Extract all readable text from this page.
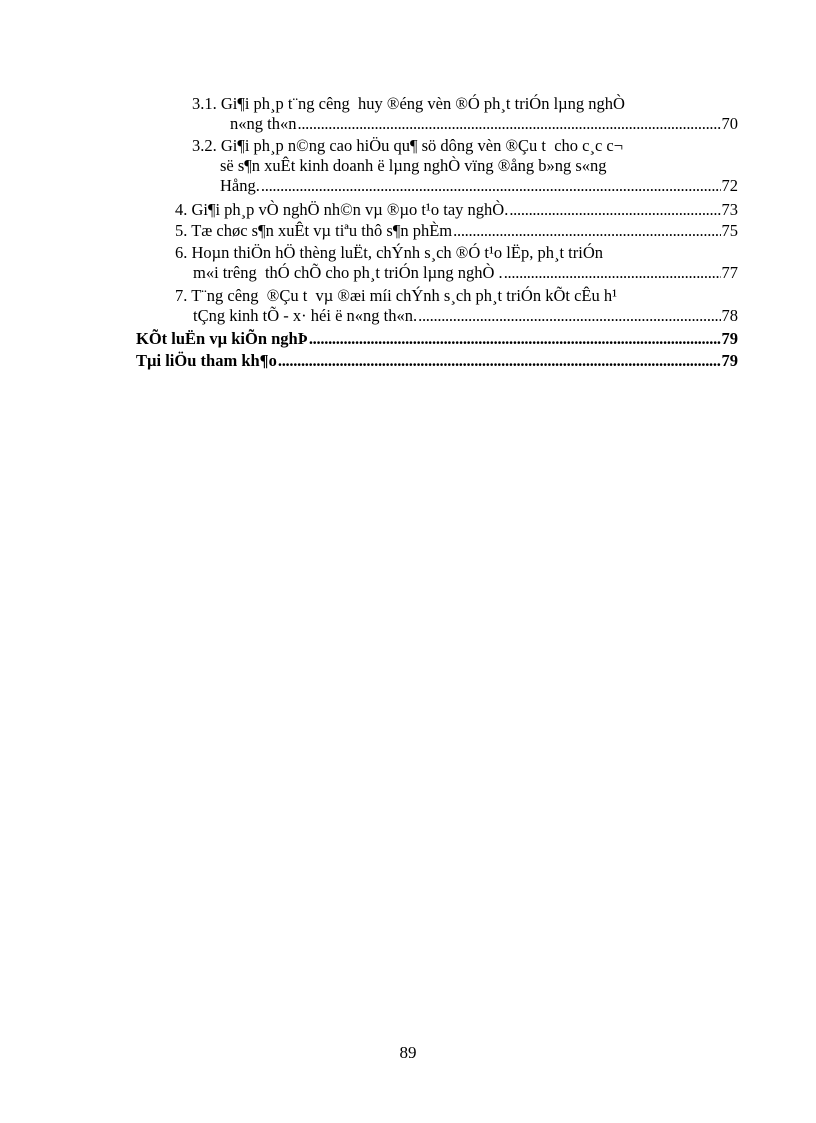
3.1. Gi¶i ph¸p t¨ng cêng  huy ®éng vèn ®Ó ph¸t triÓn lµng nghÒ
n«ng th«n . . .	70
3.2. Gi¶i ph¸p n©ng cao hiÖu qu¶ sö dông vèn ®Çu t  cho c¸c c¬
së s¶n xuÊt kinh doanh ë lµng nghÒ vïng ®ång b»ng s«ng
Hång. . . .	72
4. Gi¶i ph¸p vÒ nghÖ nh©n vµ ®µo t¹o tay nghÒ. . . .	73
5. Tæ chøc s¶n xuÊt vµ tiªu thô s¶n phÈm . . .	75
6. Hoµn thiÖn hÖ thèng luËt, chÝnh s¸ch ®Ó t¹o lËp, ph¸t triÓn
m«i trêng  thÓ chÕ cho ph¸t triÓn lµng nghÒ . . . .	77
7. T¨ng cêng  ®Çu t  vµ ®æi míi chÝnh s¸ch ph¸t triÓn kÕt cÊu h¹
tÇng kinh tÕ - x· héi ë n«ng th«n. . . .	78
KÕt luËn vµ kiÕn nghÞ . . .	79
Tµi liÖu tham kh¶o . . .	79
89
